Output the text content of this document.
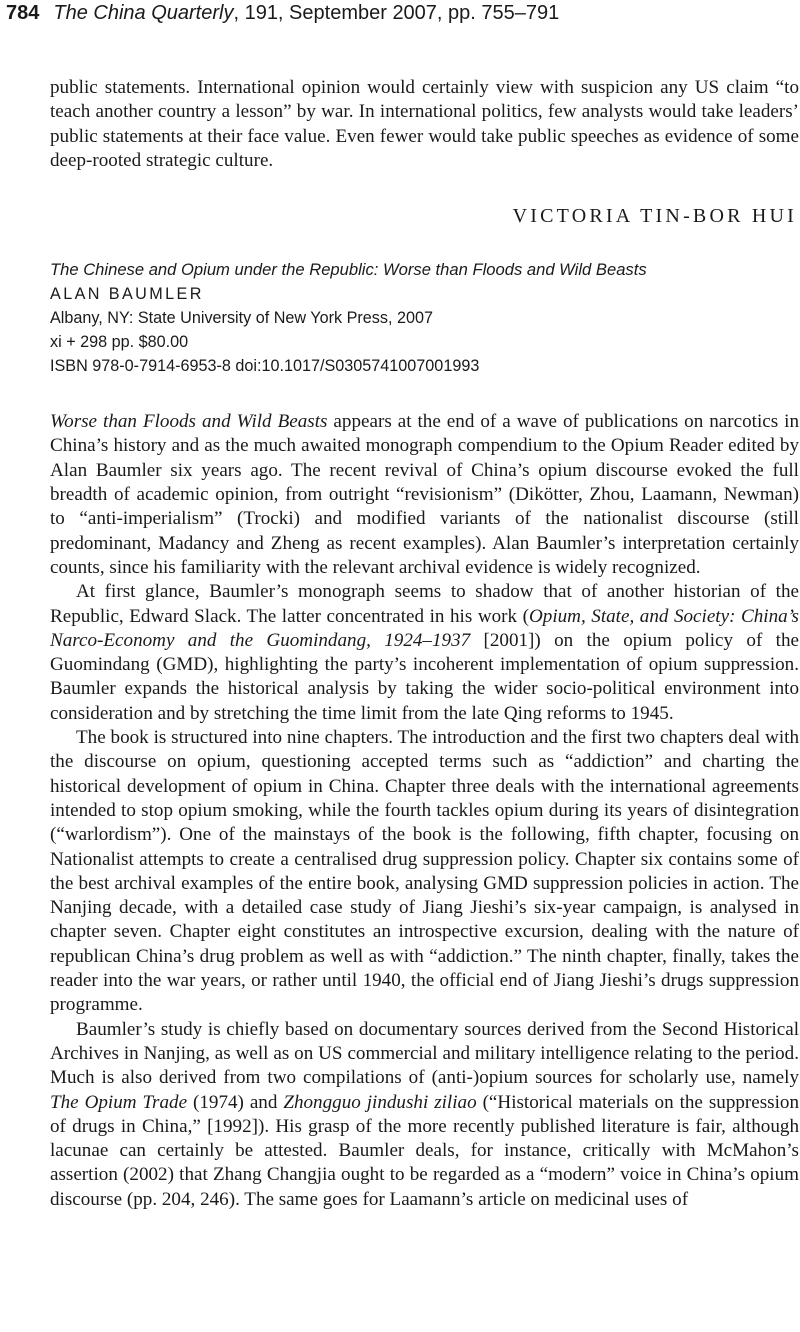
784 The China Quarterly, 191, September 2007, pp. 755–791

public statements. International opinion would certainly view with suspicion any US claim “to teach another country a lesson” by war. In international politics, few analysts would take leaders’ public statements at their face value. Even fewer would take public speeches as evidence of some deep-rooted strategic culture.

VICTORIA TIN-BOR HUI
The Chinese and Opium under the Republic: Worse than Floods and Wild Beasts
ALAN BAUMLER
Albany, NY: State University of New York Press, 2007
xi + 298 pp. $80.00
ISBN 978-0-7914-6953-8 doi:10.1017/S0305741007001993

Worse than Floods and Wild Beasts appears at the end of a wave of publications on narcotics in China’s history and as the much awaited monograph compendium to the Opium Reader edited by Alan Baumler six years ago. The recent revival of China’s opium discourse evoked the full breadth of academic opinion, from outright “revisionism” (Dikötter, Zhou, Laamann, Newman) to “anti-imperialism” (Trocki) and modified variants of the nationalist discourse (still predominant, Madancy and Zheng as recent examples). Alan Baumler’s interpretation certainly counts, since his familiarity with the relevant archival evidence is widely recognized.

At first glance, Baumler’s monograph seems to shadow that of another historian of the Republic, Edward Slack. The latter concentrated in his work (Opium, State, and Society: China’s Narco-Economy and the Guomindang, 1924–1937 [2001]) on the opium policy of the Guomindang (GMD), highlighting the party’s incoherent implementation of opium suppression. Baumler expands the historical analysis by taking the wider socio-political environment into consideration and by stretching the time limit from the late Qing reforms to 1945.

The book is structured into nine chapters. The introduction and the first two chapters deal with the discourse on opium, questioning accepted terms such as “addiction” and charting the historical development of opium in China. Chapter three deals with the international agreements intended to stop opium smoking, while the fourth tackles opium during its years of disintegration (“warlordism”). One of the mainstays of the book is the following, fifth chapter, focusing on Nationalist attempts to create a centralised drug suppression policy. Chapter six contains some of the best archival examples of the entire book, analysing GMD suppression policies in action. The Nanjing decade, with a detailed case study of Jiang Jieshi’s six-year campaign, is analysed in chapter seven. Chapter eight constitutes an introspective excursion, dealing with the nature of republican China’s drug problem as well as with “addiction.” The ninth chapter, finally, takes the reader into the war years, or rather until 1940, the official end of Jiang Jieshi’s drugs suppression programme.

Baumler’s study is chiefly based on documentary sources derived from the Second Historical Archives in Nanjing, as well as on US commercial and military intelligence relating to the period. Much is also derived from two compilations of (anti-)opium sources for scholarly use, namely The Opium Trade (1974) and Zhongguo jindushi ziliao (“Historical materials on the suppression of drugs in China,” [1992]). His grasp of the more recently published literature is fair, although lacunae can certainly be attested. Baumler deals, for instance, critically with McMahon’s assertion (2002) that Zhang Changjia ought to be regarded as a “modern” voice in China’s opium discourse (pp. 204, 246). The same goes for Laamann’s article on medicinal uses of
